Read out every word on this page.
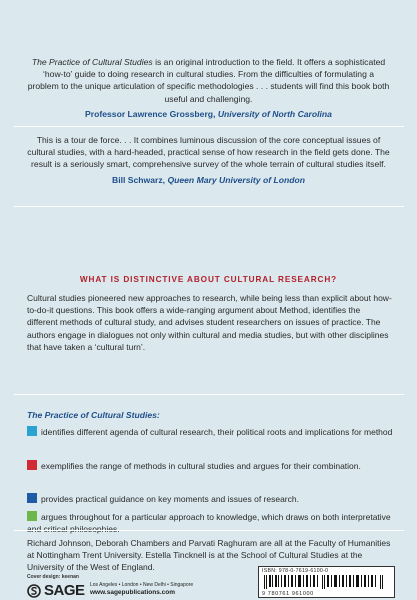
The Practice of Cultural Studies is an original introduction to the field. It offers a sophisticated ‘how-to’ guide to doing research in cultural studies. From the difficulties of formulating a problem to the unique articulation of specific methodologies . . . students will find this book both useful and challenging.

Professor Lawrence Grossberg, University of North Carolina

This is a tour de force. . . It combines luminous discussion of the core conceptual issues of cultural studies, with a hard-headed, practical sense of how research in the field gets done. The result is a seriously smart, comprehensive survey of the whole terrain of cultural studies itself.

Bill Schwarz, Queen Mary University of London

WHAT IS DISTINCTIVE ABOUT CULTURAL RESEARCH?
Cultural studies pioneered new approaches to research, while being less than explicit about how-to-do-it questions. This book offers a wide-ranging argument about Method, identifies the different methods of cultural study, and advises student researchers on issues of practice. The authors engage in dialogues not only within cultural and media studies, but with other disciplines that have taken a ‘cultural turn’.
The Practice of Cultural Studies:
identifies different agenda of cultural research, their political roots and implications for method
exemplifies the range of methods in cultural studies and argues for their combination.
provides practical guidance on key moments and issues of research.
argues throughout for a particular approach to knowledge, which draws on both interpretative and critical philosophies.
Richard Johnson, Deborah Chambers and Parvati Raghuram are all at the Faculty of Humanities at Nottingham Trent University. Estella Tincknell is at the School of Cultural Studies at the University of the West of England.
Cover design: keenan
SAGE Los Angeles • London • New Delhi • Singapore
www.sagepublications.com
ISBN: 978-0-7619-6100-0
9 780761 961000
